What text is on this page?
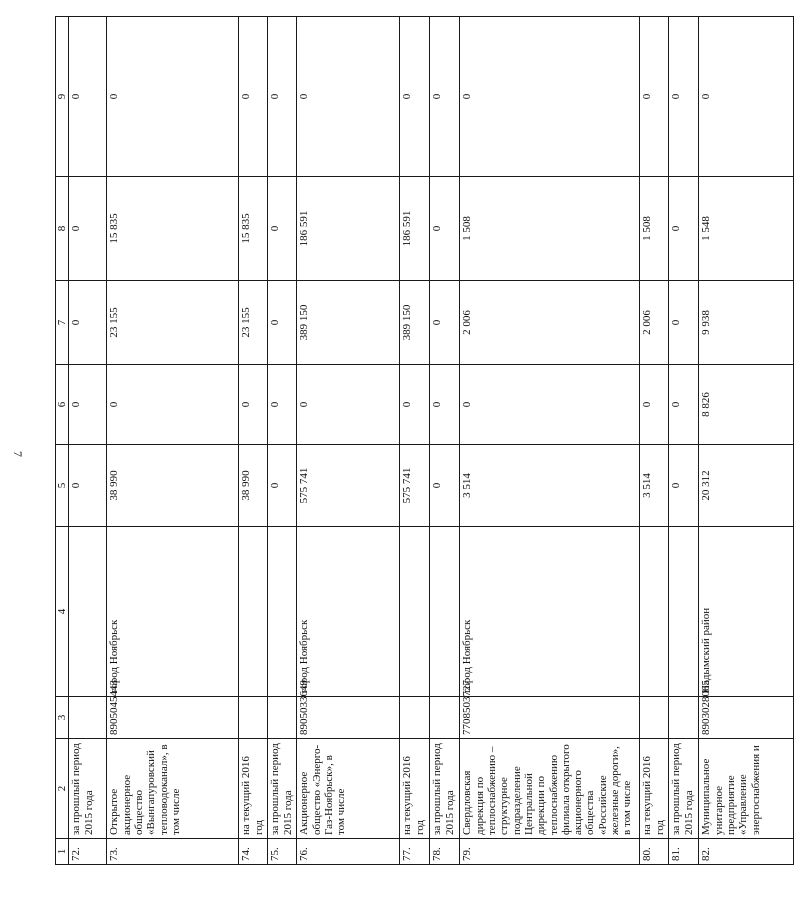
7
1	2	3	4	5	6	7	8	9
72.	за прошлый период 2015 года			0	0	0	0	0
73.	Открытое акционерное общество «Вынгапуровский тепловодоканал», в том числе	8905045443	город Ноябрьск	38 990	0	23 155	15 835	0
74.	на текущий 2016 год			38 990	0	23 155	15 835	0
75.	за прошлый период 2015 года			0	0	0	0	0
76.	Акционерное общество «Энерго-Газ-Ноябрьск», в том числе	8905033649	город Ноябрьск	575 741	0	389 150	186 591	0
77.	на текущий 2016 год			575 741	0	389 150	186 591	0
78.	за прошлый период 2015 года			0	0	0	0	0
79.	Свердловская дирекция по теплоснабжению – структурное подразделение Центральной дирекции по теплоснабжению филиала открытого акционерного общества «Российские железные дороги», в том числе	7708503727	город Ноябрьск	3 514	0	2 006	1 508	0
80.	на текущий 2016 год			3 514	0	2 006	1 508	0
81.	за прошлый период 2015 года			0	0	0	0	0
82.	Муниципальное унитарное предприятие «Управление энергоснабжения и	8903028065	Надымский район	20 312	8 826	9 938	1 548	0
